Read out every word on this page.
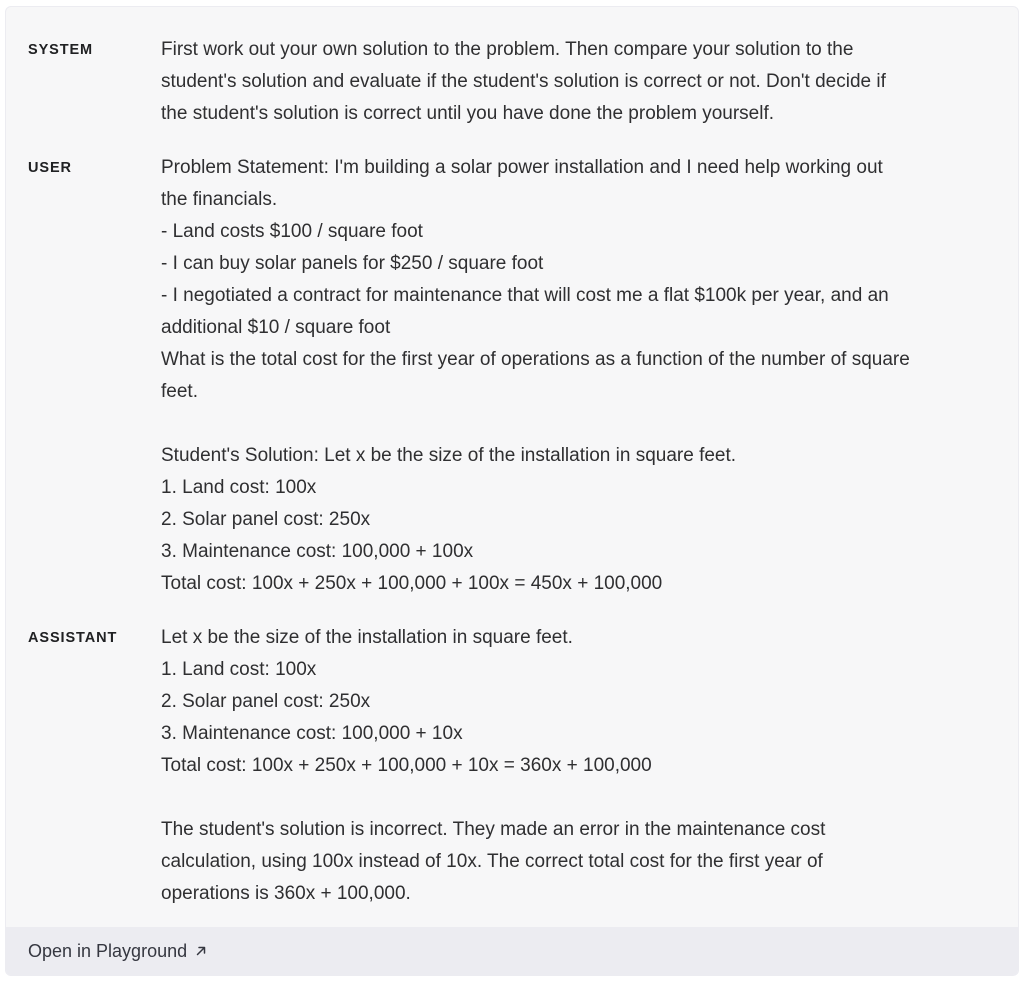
SYSTEM	First work out your own solution to the problem. Then compare your solution to the
student's solution and evaluate if the student's solution is correct or not. Don't decide if
the student's solution is correct until you have done the problem yourself.
USER	Problem Statement: I'm building a solar power installation and I need help working out
the financials.
- Land costs $100 / square foot
- I can buy solar panels for $250 / square foot
- I negotiated a contract for maintenance that will cost me a flat $100k per year, and an
additional $10 / square foot
What is the total cost for the first year of operations as a function of the number of square
feet.
Student's Solution: Let x be the size of the installation in square feet.
1. Land cost: 100x
2. Solar panel cost: 250x
3. Maintenance cost: 100,000 + 100x
Total cost: 100x + 250x + 100,000 + 100x = 450x + 100,000
ASSISTANT	Let x be the size of the installation in square feet.
1. Land cost: 100x
2. Solar panel cost: 250x
3. Maintenance cost: 100,000 + 10x
Total cost: 100x + 250x + 100,000 + 10x = 360x + 100,000
The student's solution is incorrect. They made an error in the maintenance cost
calculation, using 100x instead of 10x. The correct total cost for the first year of
operations is 360x + 100,000.
Open in Playground
